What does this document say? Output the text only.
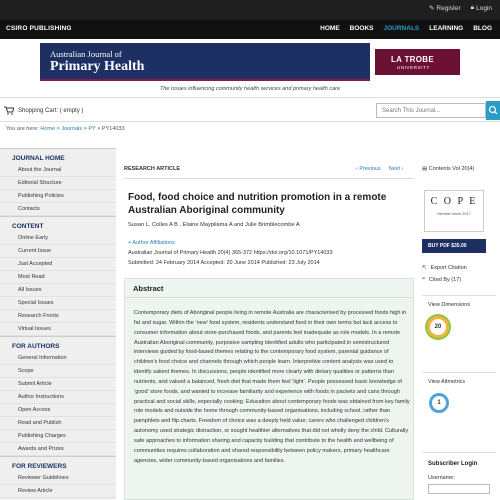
✎ Register 🔒︎ Login
CSIRO PUBLISHING	HOME BOOKS JOURNALS LEARNING BLOG
Australian Journal of
Primary Health	LA TROBE
UNIVERSITY
The issues influencing community health services and primary health care
Shopping Cart: ( empty )	Search This Journal...
You are here: Home > Journals > PY > PY14033
JOURNAL HOME
About the Journal
Editorial Structure
Publishing Policies
Contacts
CONTENT
Online Early
Current Issue
Just Accepted
Most Read
All Issues
Special Issues
Research Fronts
Virtual Issues
FOR AUTHORS
General Information
Scope
Submit Article
Author Instructions
Open Access
Read and Publish
Publishing Charges
Awards and Prizes
FOR REVIEWERS
Reviewer Guidelines
Review Article
RESEARCH ARTICLE	‹ Previous Next ›	▤ Contents Vol 20(4)
Food, food choice and nutrition promotion in a remote Australian Aboriginal community
Susan L. Colles A B , Elaine Maypilama A and Julie Brimblecombe A
+ Author Affiliations
Australian Journal of Primary Health 20(4) 365-372 https://doi.org/10.1071/PY14033
Submitted: 24 February 2014 Accepted: 20 June 2014 Published: 23 July 2014
Abstract
Contemporary diets of Aboriginal people living in remote Australia are characterised by processed foods high in fat and sugar. Within the ‘new’ food system, residents understand food in their own terms but lack access to consumer information about store-purchased foods, and parents feel inadequate as role models. In a remote Australian Aboriginal community, purposive sampling identified adults who participated in semistructured interviews guided by food-based themes relating to the contemporary food system, parental guidance of children’s food choice and channels through which people learn. Interpretive content analysis was used to identify salient themes. In discussions, people identified more clearly with dietary qualities or patterns than nutrients, and valued a balanced, fresh diet that made them feel ‘light’. People possessed basic knowledge of ‘good’ store foods, and wanted to increase familiarity and experience with foods in packets and cans through practical and social skills, especially cooking. Education about contemporary foods was obtained from key family role models and outside the home through community-based organisations, including school, rather than pamphlets and flip charts. Freedom of choice was a deeply held value; carers who challenged children’s autonomy used strategic distraction, or sought healthier alternatives that did not wholly deny the child. Culturally safe approaches to information sharing and capacity building that contribute to the health and wellbeing of communities requires collaboration and shared responsibility between policy makers, primary healthcare agencies, wider community-based organisations and families.
C O P E
Member since 2017
BUY PDF $35.00
⇱ Export Citation
❝ Cited By (17)
View Dimensions
20
View Altmetrics
1
Subscriber Login
Username:
